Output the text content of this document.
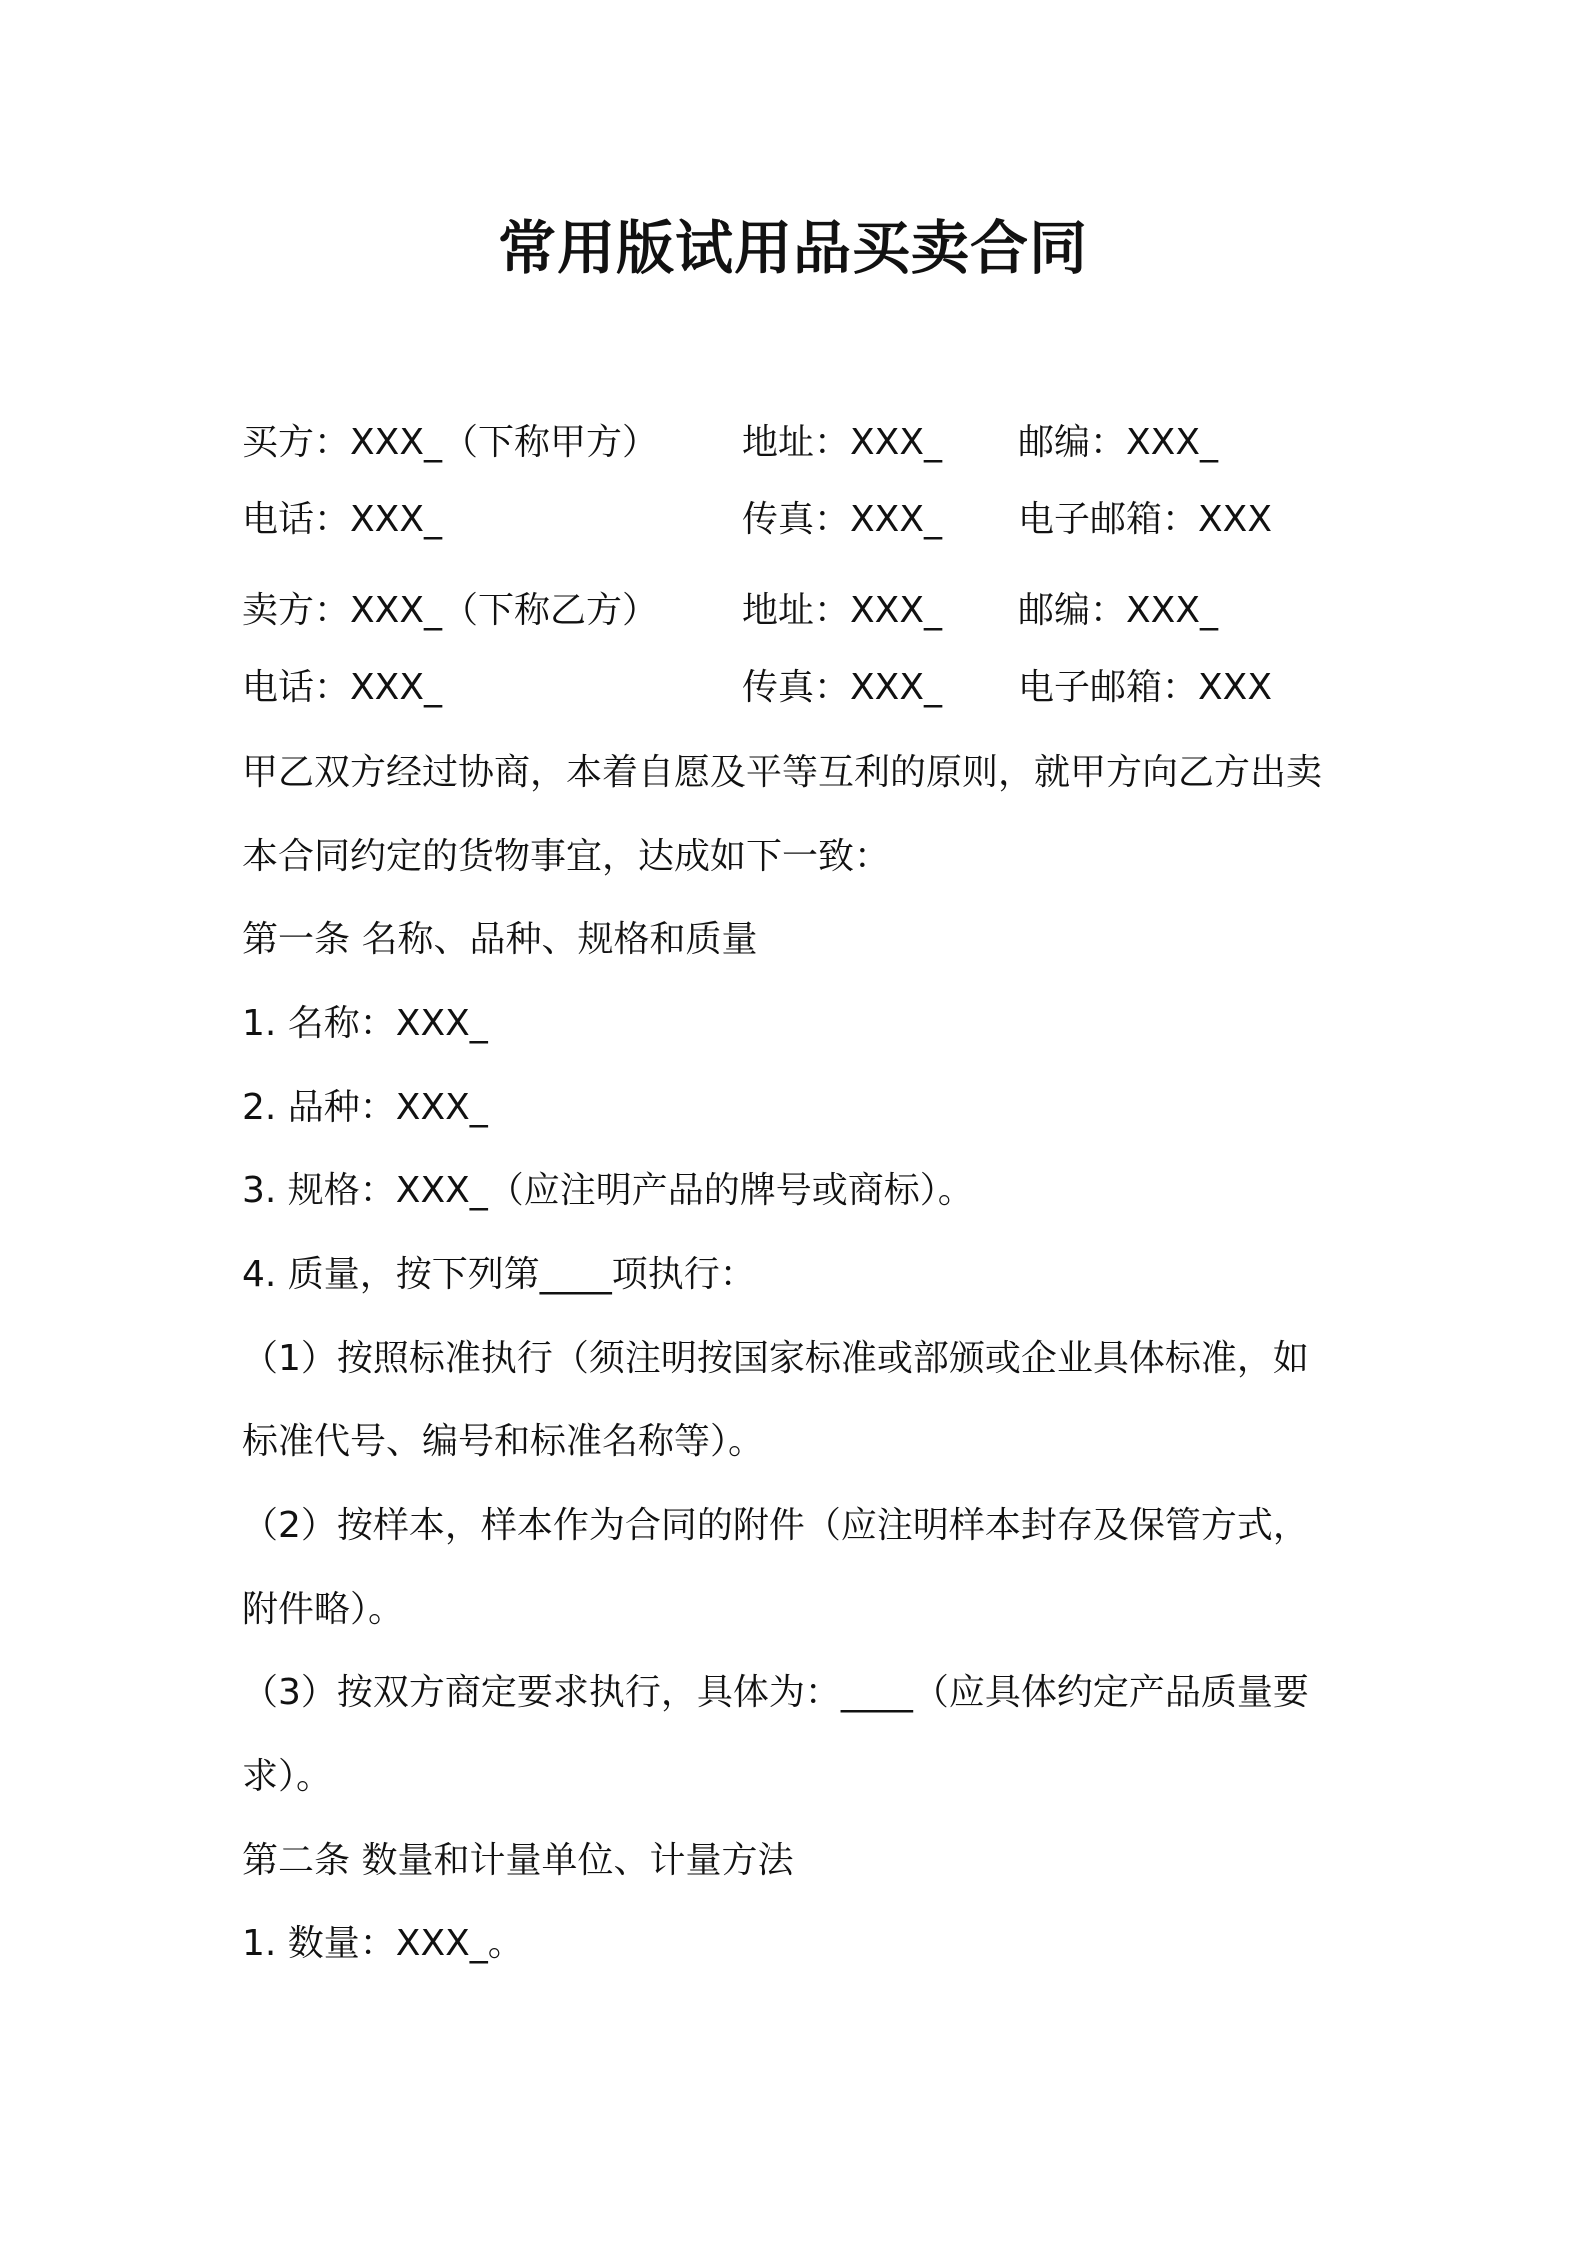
常用版试用品买卖合同
买方：XXX_（下称甲方） 地址：XXX_ 邮编：XXX_
电话：XXX_	传真：XXX_ 电子邮箱：XXX
卖方：XXX_（下称乙方） 地址：XXX_ 邮编：XXX_
电话：XXX_	传真：XXX_ 电子邮箱：XXX
甲乙双方经过协商，本着自愿及平等互利的原则，就甲方向乙方出卖
本合同约定的货物事宜，达成如下一致：
第一条 名称、品种、规格和质量
1. 名称：XXX_
2. 品种：XXX_
3. 规格：XXX_（应注明产品的牌号或商标）。
4. 质量，按下列第____项执行：
（1）按照标准执行（须注明按国家标准或部颁或企业具体标准，如
标准代号、编号和标准名称等）。
（2）按样本，样本作为合同的附件（应注明样本封存及保管方式，
附件略）。
（3）按双方商定要求执行，具体为：____（应具体约定产品质量要
求）。
第二条 数量和计量单位、计量方法
1. 数量：XXX_。
